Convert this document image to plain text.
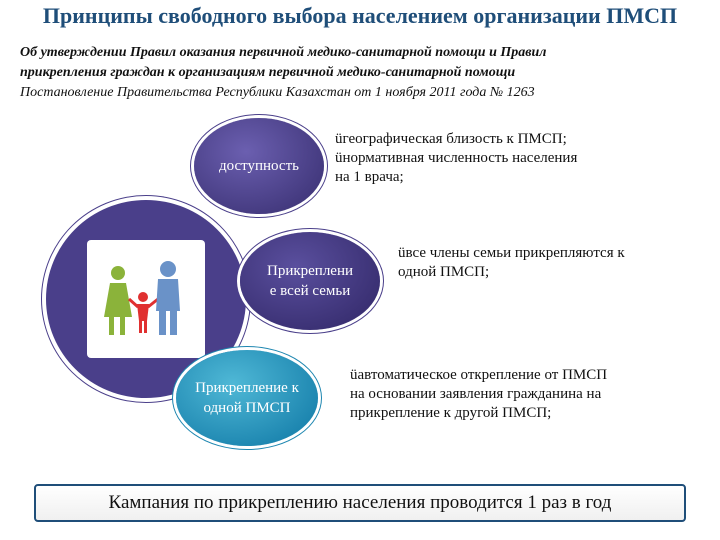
Принципы свободного выбора населением организации ПМСП
Об утверждении Правил оказания первичной медико-санитарной помощи и Правил
прикрепления граждан к организациям первичной медико-санитарной помощи
Постановление Правительства Республики Казахстан от 1 ноября 2011 года № 1263
доступность
Прикреплени
е всей семьи
Прикрепление к
одной ПМСП
üгеографическая близость к ПМСП;
üнормативная численность населения
на 1 врача;
üвсе члены семьи прикрепляются к
одной ПМСП;
üавтоматическое открепление от ПМСП
на основании заявления гражданина на
прикрепление к другой ПМСП;
Кампания по прикреплению населения проводится 1 раз в год
